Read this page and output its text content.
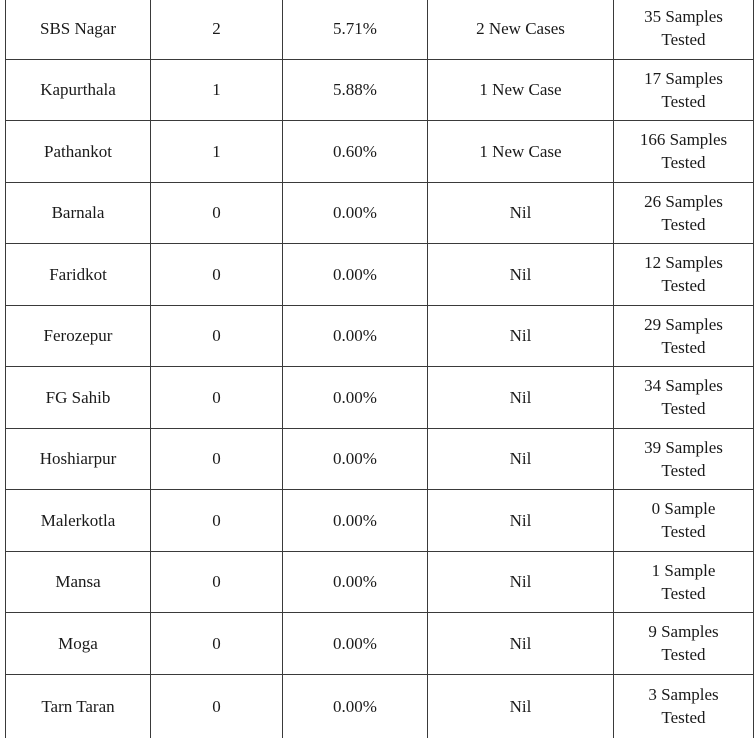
SBS Nagar	2	5.71%	2 New Cases	35 Samples
Tested

Kapurthala	1	5.88%	1 New Case	17 Samples
Tested

Pathankot	1	0.60%	1 New Case	166 Samples
Tested

Barnala	0	0.00%	Nil	26 Samples
Tested

Faridkot	0	0.00%	Nil	12 Samples
Tested

Ferozepur	0	0.00%	Nil	29 Samples
Tested

FG Sahib	0	0.00%	Nil	34 Samples
Tested

Hoshiarpur	0	0.00%	Nil	39 Samples
Tested

Malerkotla	0	0.00%	Nil	0 Sample
Tested

Mansa	0	0.00%	Nil	1 Sample
Tested

Moga	0	0.00%	Nil	9 Samples
Tested

Tarn Taran	0	0.00%	Nil	3 Samples
Tested
